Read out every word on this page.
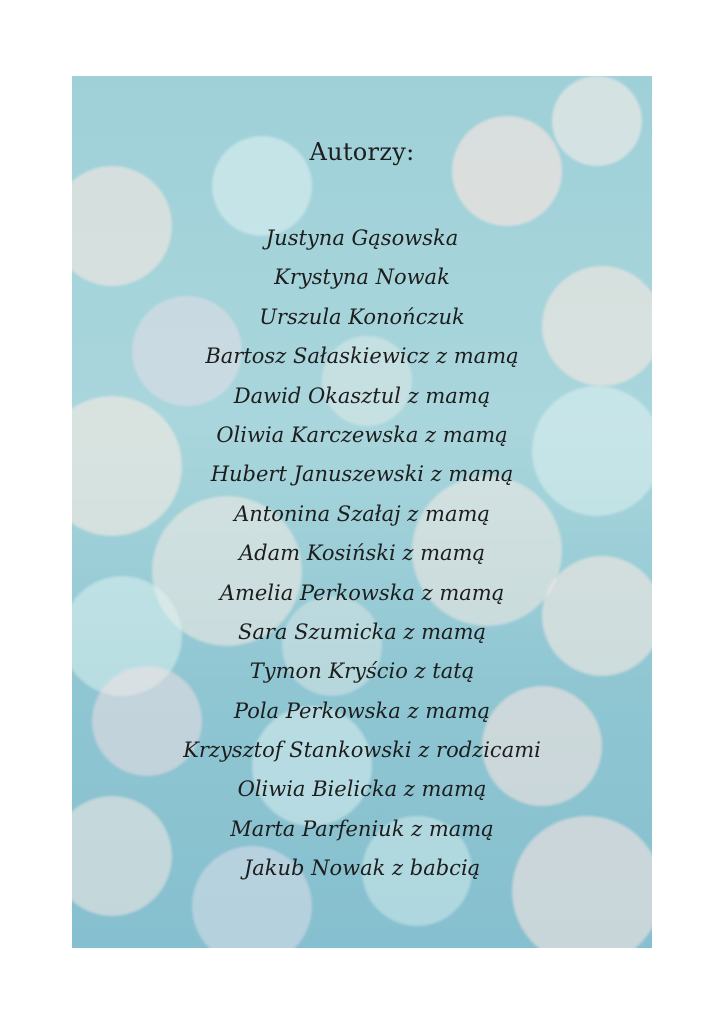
Autorzy:
Justyna Gąsowska
Krystyna Nowak
Urszula Konończuk
Bartosz Sałaskiewicz z mamą
Dawid Okasztul z mamą
Oliwia Karczewska z mamą
Hubert Januszewski z mamą
Antonina Szałaj z mamą
Adam Kosiński z mamą
Amelia Perkowska z mamą
Sara Szumicka z mamą
Tymon Kryścio z tatą
Pola Perkowska z mamą
Krzysztof Stankowski z rodzicami
Oliwia Bielicka z mamą
Marta Parfeniuk z mamą
Jakub Nowak z babcią
